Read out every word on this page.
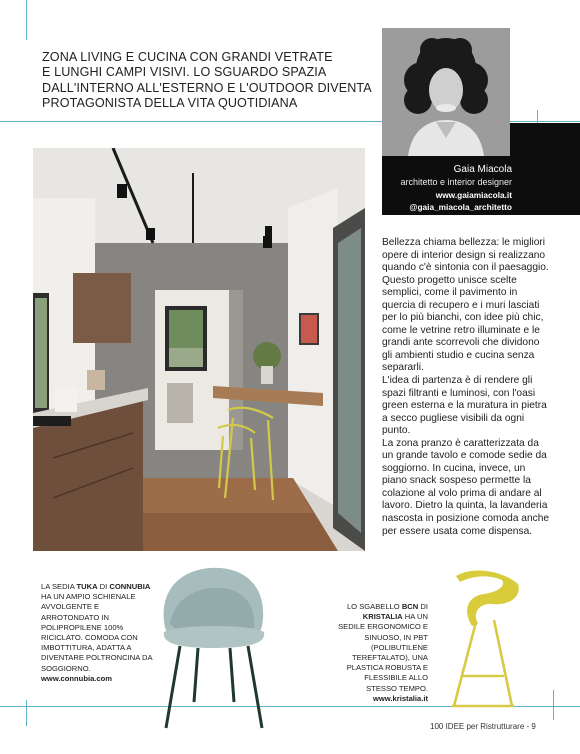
ZONA LIVING E CUCINA CON GRANDI VETRATE
E LUNGHI CAMPI VISIVI. LO SGUARDO SPAZIA
DALL'INTERNO ALL'ESTERNO E L'OUTDOOR DIVENTA
PROTAGONISTA DELLA VITA QUOTIDIANA
Gaia Miacola
architetto e interior designer
www.gaiamiacola.it
@gaia_miacola_architetto

Bellezza chiama bellezza: le migliori opere di interior design si realizzano quando c'è sintonia con il paesaggio.

Questo progetto unisce scelte semplici, come il pavimento in quercia di recupero e i muri lasciati per lo più bianchi, con idee più chic, come le vetrine retro illuminate e le grandi ante scorrevoli che dividono gli ambienti studio e cucina senza separarli.

L'idea di partenza è di rendere gli spazi filtranti e luminosi, con l'oasi green esterna e la muratura in pietra a secco pugliese visibili da ogni punto.

La zona pranzo è caratterizzata da un grande tavolo e comode sedie da soggiorno. In cucina, invece, un piano snack sospeso permette la colazione al volo prima di andare al lavoro. Dietro la quinta, la lavanderia nascosta in posizione comoda anche per essere usata come dispensa.

LA SEDIA TUKA DI CONNUBIA HA UN AMPIO SCHIENALE AVVOLGENTE E ARROTONDATO IN POLIPROPILENE 100% RICICLATO. COMODA CON IMBOTTITURA, ADATTA A DIVENTARE POLTRONCINA DA SOGGIORNO.
www.connubia.com
LO SGABELLO BCN DI KRISTALIA HA UN SEDILE ERGONOMICO E SINUOSO, IN PBT (POLIBUTILENE TEREFTALATO), UNA PLASTICA ROBUSTA E FLESSIBILE ALLO STESSO TEMPO.
www.kristalia.it
100 IDEE per Ristrutturare - 9
